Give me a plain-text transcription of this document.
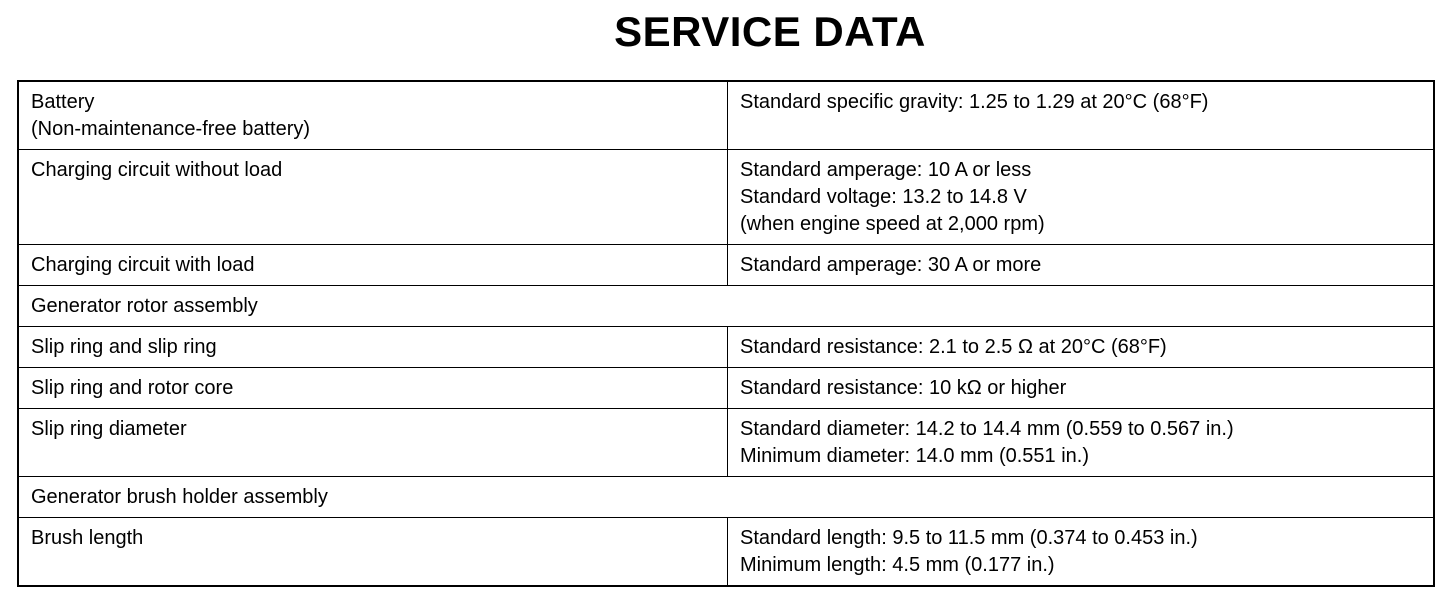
SERVICE DATA
Battery
(Non-maintenance-free battery)	Standard specific gravity: 1.25 to 1.29 at 20°C (68°F)

Charging circuit without load	Standard amperage: 10 A or less
Standard voltage: 13.2 to 14.8 V
(when engine speed at 2,000 rpm)

Charging circuit with load	Standard amperage: 30 A or more

Generator rotor assembly	

Slip ring and slip ring	Standard resistance: 2.1 to 2.5 Ω at 20°C (68°F)

Slip ring and rotor core	Standard resistance: 10 kΩ or higher

Slip ring diameter	Standard diameter: 14.2 to 14.4 mm (0.559 to 0.567 in.)
Minimum diameter: 14.0 mm (0.551 in.)

Generator brush holder assembly	

Brush length	Standard length: 9.5 to 11.5 mm (0.374 to 0.453 in.)
Minimum length: 4.5 mm (0.177 in.)
